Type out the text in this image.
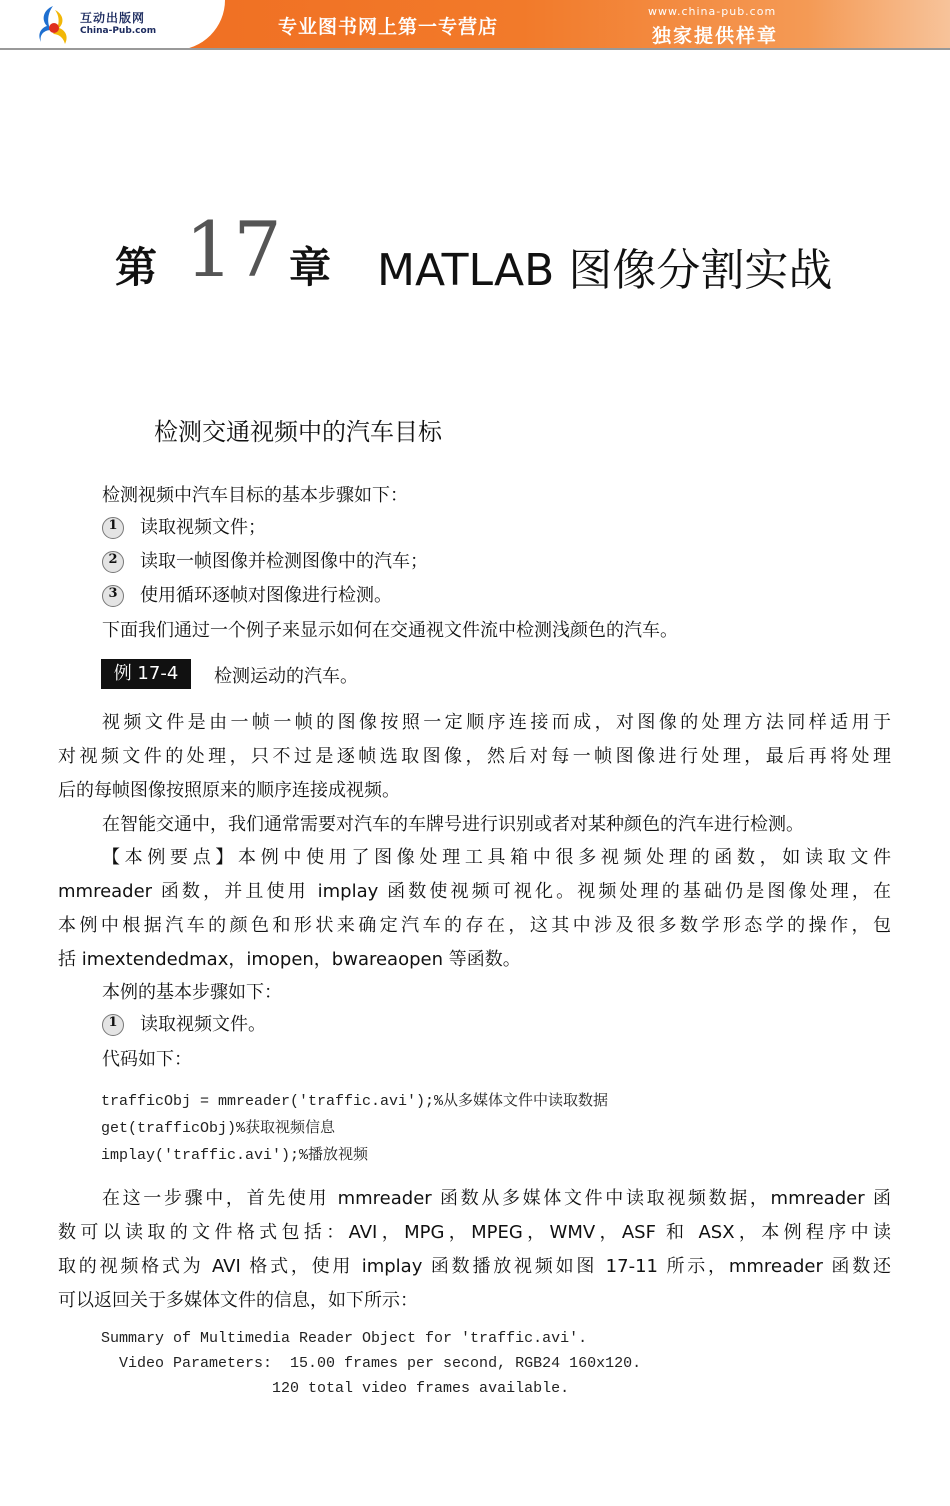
互动出版网
China-Pub.com	专业图书网上第一专营店
www.china-pub.com
独家提供样章
第 17 章 MATLAB 图像分割实战
检测交通视频中的汽车目标
检测视频中汽车目标的基本步骤如下：
1 读取视频文件；
2 读取一帧图像并检测图像中的汽车；
3 使用循环逐帧对图像进行检测。
下面我们通过一个例子来显示如何在交通视文件流中检测浅颜色的汽车。
例 17-4	检测运动的汽车。
视频文件是由一帧一帧的图像按照一定顺序连接而成，对图像的处理方法同样适用于
对视频文件的处理，只不过是逐帧选取图像，然后对每一帧图像进行处理，最后再将处理
后的每帧图像按照原来的顺序连接成视频。
在智能交通中，我们通常需要对汽车的车牌号进行识别或者对某种颜色的汽车进行检测。
【本例要点】本例中使用了图像处理工具箱中很多视频处理的函数，如读取文件
mmreader 函数，并且使用 implay 函数使视频可视化。视频处理的基础仍是图像处理，在
本例中根据汽车的颜色和形状来确定汽车的存在，这其中涉及很多数学形态学的操作，包
括 imextendedmax，imopen，bwareaopen 等函数。
本例的基本步骤如下：
1 读取视频文件。
代码如下：
trafficObj = mmreader('traffic.avi');%从多媒体文件中读取数据
get(trafficObj)%获取视频信息
implay('traffic.avi');%播放视频
在这一步骤中，首先使用 mmreader 函数从多媒体文件中读取视频数据，mmreader 函
数可以读取的文件格式包括：AVI，MPG，MPEG，WMV，ASF 和 ASX，本例程序中读
取的视频格式为 AVI 格式，使用 implay 函数播放视频如图 17-11 所示，mmreader 函数还
可以返回关于多媒体文件的信息，如下所示：
Summary of Multimedia Reader Object for 'traffic.avi'.
Video Parameters:  15.00 frames per second, RGB24 160x120.
120 total video frames available.
